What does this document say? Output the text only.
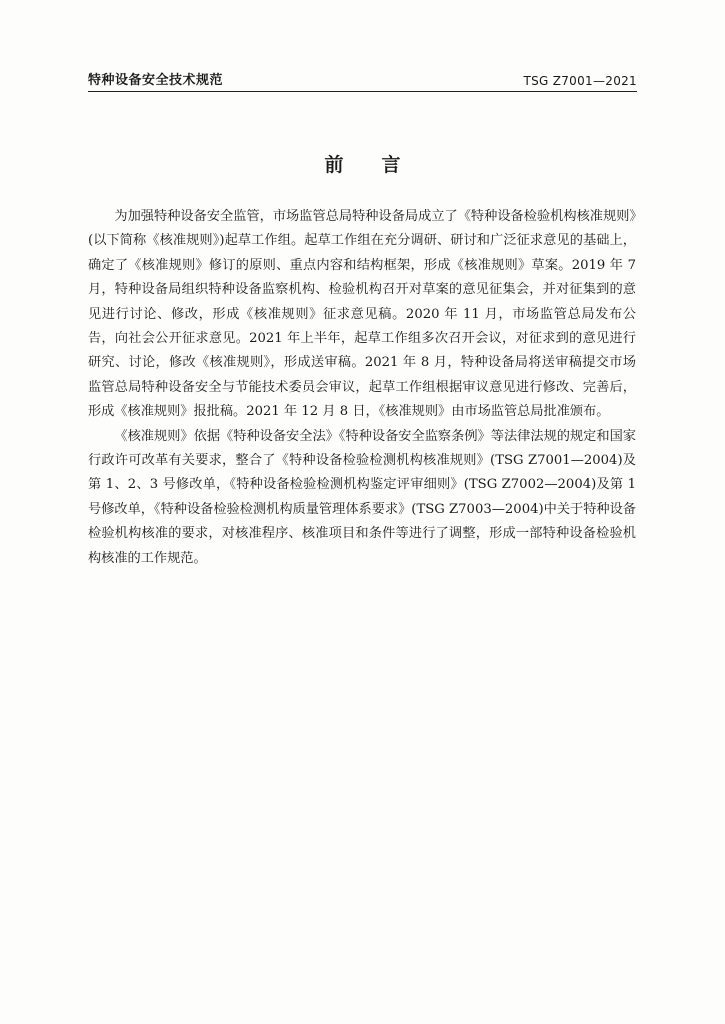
特种设备安全技术规范	TSG Z7001—2021
前言

为加强特种设备安全监管，市场监管总局特种设备局成立了《特种设备检验机构核准规则》(以下简称《核准规则》)起草工作组。起草工作组在充分调研、研讨和广泛征求意见的基础上，确定了《核准规则》修订的原则、重点内容和结构框架，形成《核准规则》草案。2019 年 7 月，特种设备局组织特种设备监察机构、检验机构召开对草案的意见征集会，并对征集到的意见进行讨论、修改，形成《核准规则》征求意见稿。2020 年 11 月，市场监管总局发布公告，向社会公开征求意见。2021 年上半年，起草工作组多次召开会议，对征求到的意见进行研究、讨论，修改《核准规则》，形成送审稿。2021 年 8 月，特种设备局将送审稿提交市场监管总局特种设备安全与节能技术委员会审议，起草工作组根据审议意见进行修改、完善后，形成《核准规则》报批稿。2021 年 12 月 8 日，《核准规则》由市场监管总局批准颁布。

《核准规则》依据《特种设备安全法》《特种设备安全监察条例》等法律法规的规定和国家行政许可改革有关要求，整合了《特种设备检验检测机构核准规则》(TSG Z7001—2004)及第 1、2、3 号修改单，《特种设备检验检测机构鉴定评审细则》(TSG Z7002—2004)及第 1 号修改单，《特种设备检验检测机构质量管理体系要求》(TSG Z7003—2004)中关于特种设备检验机构核准的要求，对核准程序、核准项目和条件等进行了调整，形成一部特种设备检验机构核准的工作规范。
